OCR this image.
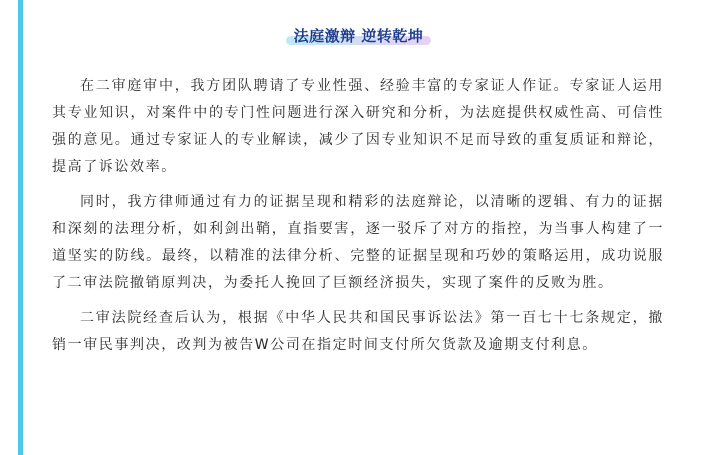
法庭激辩 逆转乾坤

在二审庭审中，我方团队聘请了专业性强、经验丰富的专家证人作证。专家证人运用其专业知识，对案件中的专门性问题进行深入研究和分析，为法庭提供权威性高、可信性强的意见。通过专家证人的专业解读，减少了因专业知识不足而导致的重复质证和辩论，提高了诉讼效率。

同时，我方律师通过有力的证据呈现和精彩的法庭辩论，以清晰的逻辑、有力的证据和深刻的法理分析，如利剑出鞘，直指要害，逐一驳斥了对方的指控，为当事人构建了一道坚实的防线。最终，以精准的法律分析、完整的证据呈现和巧妙的策略运用，成功说服了二审法院撤销原判决，为委托人挽回了巨额经济损失，实现了案件的反败为胜。

二审法院经查后认为，根据《中华人民共和国民事诉讼法》第一百七十七条规定，撤销一审民事判决，改判为被告W公司在指定时间支付所欠货款及逾期支付利息。
